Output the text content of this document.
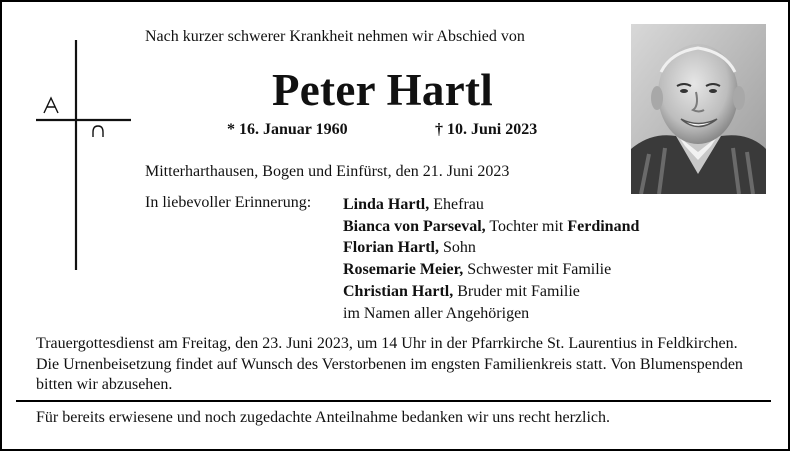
Nach kurzer schwerer Krankheit nehmen wir Abschied von
Peter Hartl
* 16. Januar 1960	† 10. Juni 2023
Mitterharthausen, Bogen und Einfürst, den 21. Juni 2023
In liebevoller Erinnerung: Linda Hartl, Ehefrau
Bianca von Parseval, Tochter mit Ferdinand
Florian Hartl, Sohn
Rosemarie Meier, Schwester mit Familie
Christian Hartl, Bruder mit Familie
im Namen aller Angehörigen
Trauergottesdienst am Freitag, den 23. Juni 2023, um 14 Uhr in der Pfarrkirche St. Laurentius in Feldkirchen. Die Urnenbeisetzung findet auf Wunsch des Verstorbenen im engsten Familienkreis statt. Von Blumenspenden bitten wir abzusehen.
Für bereits erwiesene und noch zugedachte Anteilnahme bedanken wir uns recht herzlich.
